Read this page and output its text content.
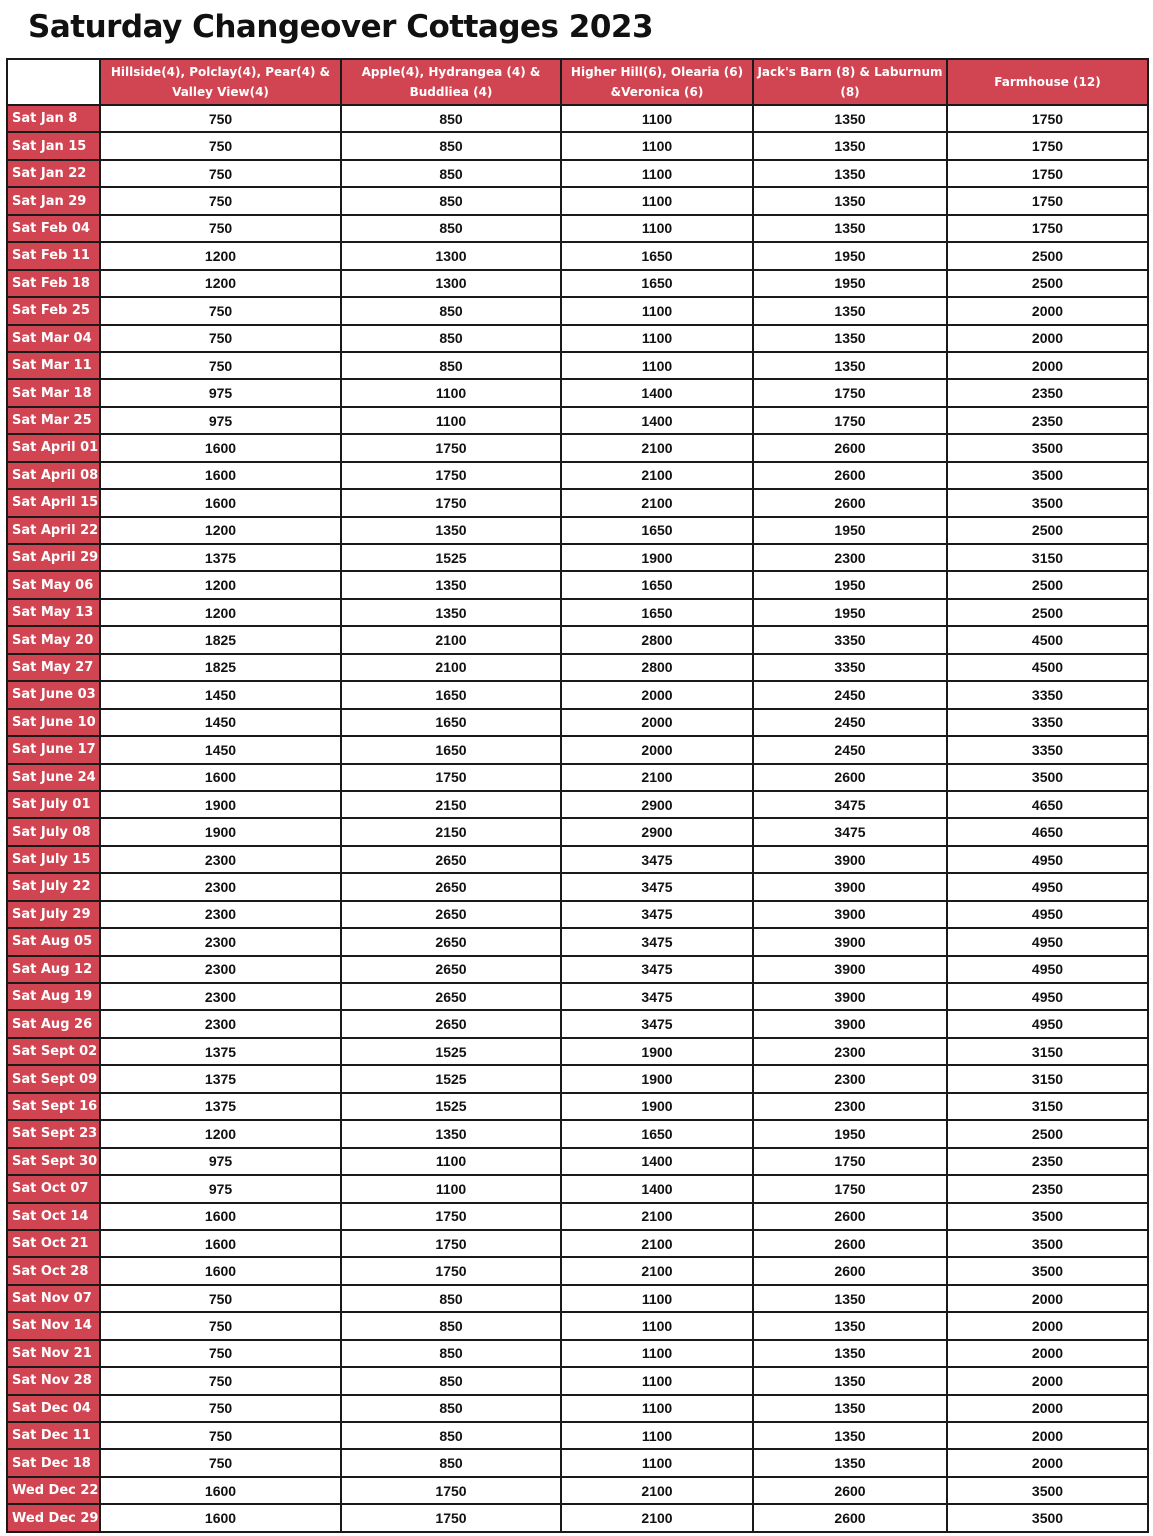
Saturday Changeover Cottages 2023
	Hillside(4), Polclay(4), Pear(4) & Valley View(4)	Apple(4), Hydrangea (4) & Buddliea (4)	Higher Hill(6), Olearia (6) &Veronica (6)	Jack's Barn (8) & Laburnum (8)	Farmhouse (12)
Sat Jan 8	750	850	1100	1350	1750
Sat Jan 15	750	850	1100	1350	1750
Sat Jan 22	750	850	1100	1350	1750
Sat Jan 29	750	850	1100	1350	1750
Sat Feb 04	750	850	1100	1350	1750
Sat Feb 11	1200	1300	1650	1950	2500
Sat Feb 18	1200	1300	1650	1950	2500
Sat Feb 25	750	850	1100	1350	2000
Sat Mar 04	750	850	1100	1350	2000
Sat Mar 11	750	850	1100	1350	2000
Sat Mar 18	975	1100	1400	1750	2350
Sat Mar 25	975	1100	1400	1750	2350
Sat April 01	1600	1750	2100	2600	3500
Sat April 08	1600	1750	2100	2600	3500
Sat April 15	1600	1750	2100	2600	3500
Sat April 22	1200	1350	1650	1950	2500
Sat April 29	1375	1525	1900	2300	3150
Sat May 06	1200	1350	1650	1950	2500
Sat May 13	1200	1350	1650	1950	2500
Sat May 20	1825	2100	2800	3350	4500
Sat May 27	1825	2100	2800	3350	4500
Sat June 03	1450	1650	2000	2450	3350
Sat June 10	1450	1650	2000	2450	3350
Sat June 17	1450	1650	2000	2450	3350
Sat June 24	1600	1750	2100	2600	3500
Sat July 01	1900	2150	2900	3475	4650
Sat July 08	1900	2150	2900	3475	4650
Sat July 15	2300	2650	3475	3900	4950
Sat July 22	2300	2650	3475	3900	4950
Sat July 29	2300	2650	3475	3900	4950
Sat Aug 05	2300	2650	3475	3900	4950
Sat Aug 12	2300	2650	3475	3900	4950
Sat Aug 19	2300	2650	3475	3900	4950
Sat Aug 26	2300	2650	3475	3900	4950
Sat Sept 02	1375	1525	1900	2300	3150
Sat Sept 09	1375	1525	1900	2300	3150
Sat Sept 16	1375	1525	1900	2300	3150
Sat Sept 23	1200	1350	1650	1950	2500
Sat Sept 30	975	1100	1400	1750	2350
Sat Oct 07	975	1100	1400	1750	2350
Sat Oct 14	1600	1750	2100	2600	3500
Sat Oct 21	1600	1750	2100	2600	3500
Sat Oct 28	1600	1750	2100	2600	3500
Sat Nov 07	750	850	1100	1350	2000
Sat Nov 14	750	850	1100	1350	2000
Sat Nov 21	750	850	1100	1350	2000
Sat Nov 28	750	850	1100	1350	2000
Sat Dec 04	750	850	1100	1350	2000
Sat Dec 11	750	850	1100	1350	2000
Sat Dec 18	750	850	1100	1350	2000
Wed Dec 22	1600	1750	2100	2600	3500
Wed Dec 29	1600	1750	2100	2600	3500
